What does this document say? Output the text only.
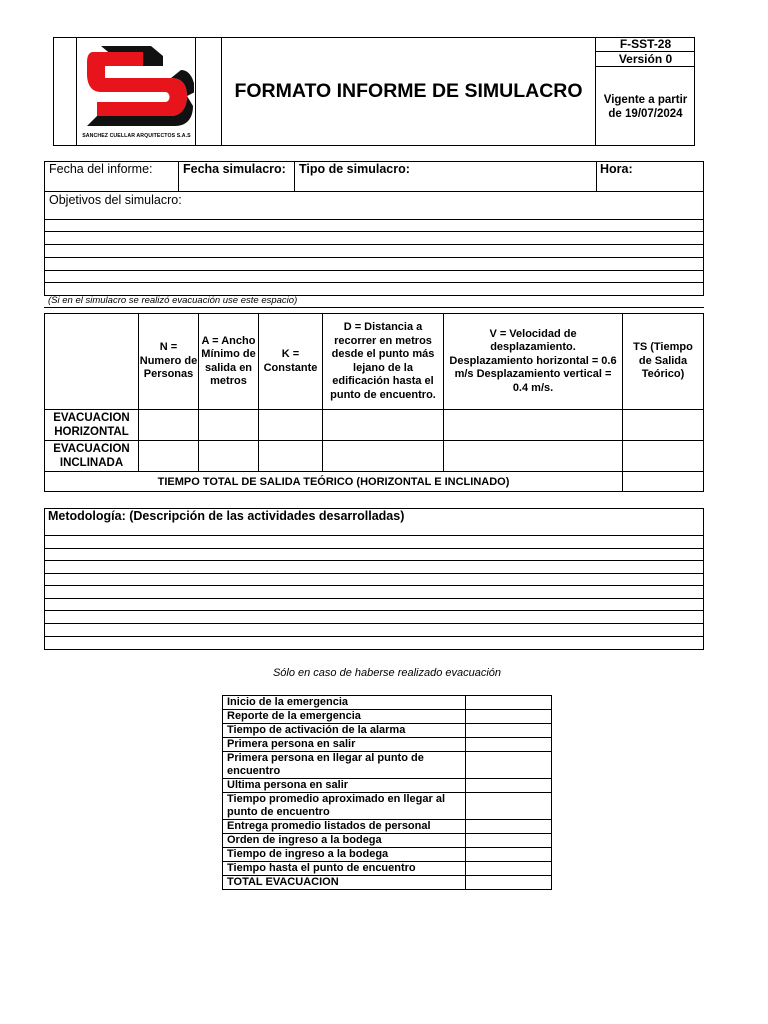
SANCHEZ CUELLAR ARQUITECTOS S.A.S
FORMATO INFORME DE SIMULACRO
F-SST-28
Versión 0
Vigente a partir de 19/07/2024
Fecha del informe: Fecha simulacro: Tipo de simulacro:	Hora:
Objetivos del simulacro:
(Si en el simulacro se realizó evacuación use este espacio)
	N = Numero de Personas	A = Ancho Mínimo de salida en metros	K = Constante	D = Distancia a recorrer en metros desde el punto más lejano de la edificación hasta el punto de encuentro.	V = Velocidad de desplazamiento. Desplazamiento horizontal = 0.6 m/s Desplazamiento vertical = 0.4 m/s.	TS (Tiempo de Salida Teórico)
EVACUACION HORIZONTAL						
EVACUACION INCLINADA						
TIEMPO TOTAL DE SALIDA TEÓRICO (HORIZONTAL E INCLINADO)						
Metodología: (Descripción de las actividades desarrolladas)
Sólo en caso de haberse realizado evacuación
Inicio de la emergencia	
Reporte de la emergencia	
Tiempo de activación de la alarma	
Primera persona en salir	
Primera persona en llegar al punto de encuentro	
Ultima persona en salir	
Tiempo promedio aproximado en llegar al punto de encuentro	
Entrega promedio listados de personal	
Orden de ingreso a la bodega	
Tiempo de ingreso a la bodega	
Tiempo hasta el punto de encuentro	
TOTAL EVACUACION	
